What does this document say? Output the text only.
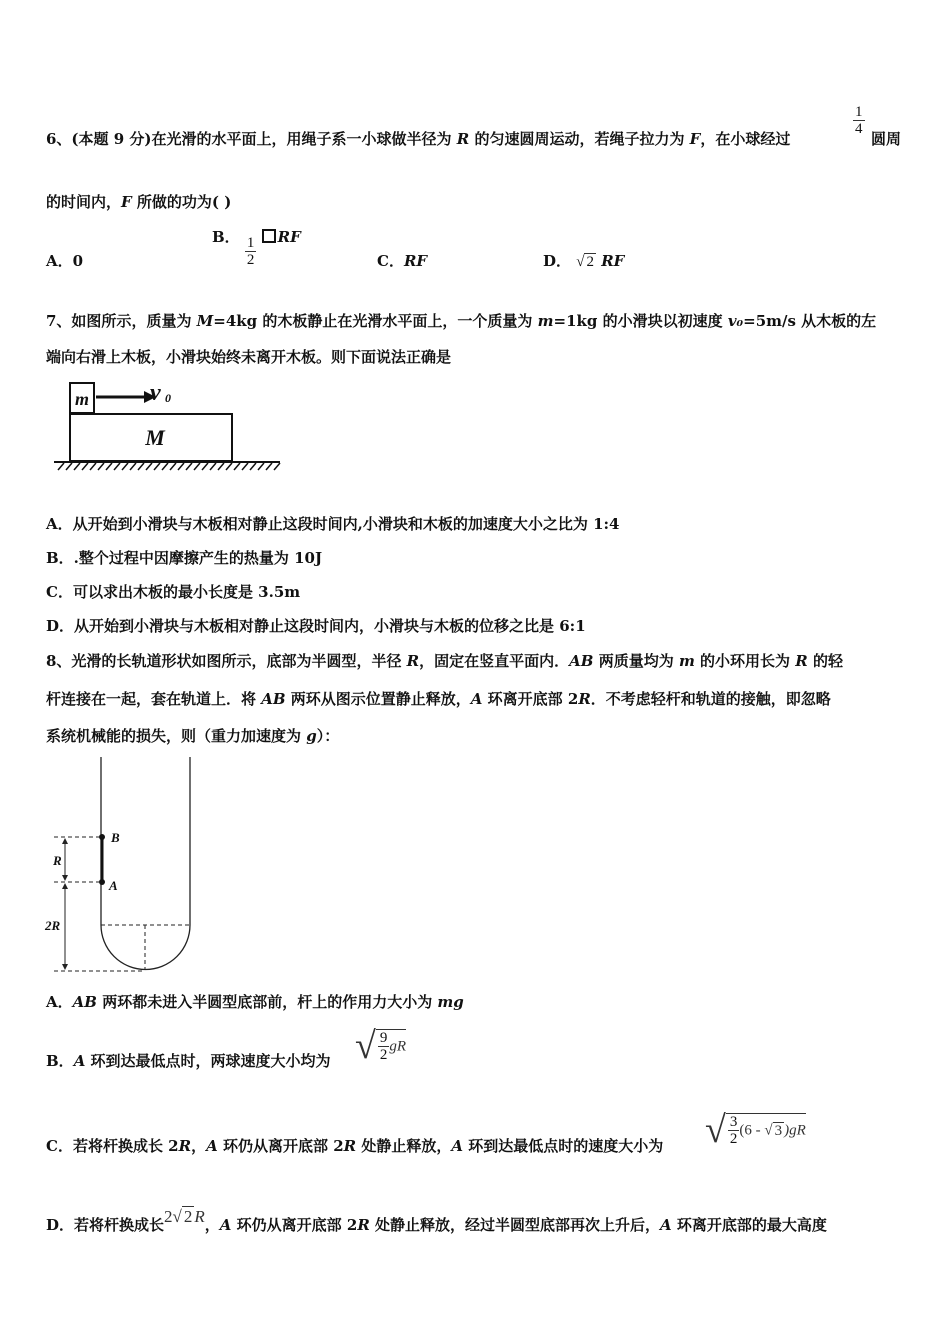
6、(本题 9 分)在光滑的水平面上，用绳子系一小球做半径为 R 的匀速圆周运动，若绳子拉力为 F，在小球经过
$\frac{1}{4}$
圆周
的时间内，F 所做的功为( )
A．0
B． $\frac{1}{2}$ RF
C．RF	D． √ 2 RF
7、如图所示，质量为 M=4kg 的木板静止在光滑水平面上，一个质量为 m=1kg 的小滑块以初速度 v₀=5m/s 从木板的左
端向右滑上木板，小滑块始终未离开木板。则下面说法正确是
m	v 0
M
A．从开始到小滑块与木板相对静止这段时间内,小滑块和木板的加速度大小之比为 1:4
B．.整个过程中因摩擦产生的热量为 10J
C．可以求出木板的最小长度是 3.5m
D．从开始到小滑块与木板相对静止这段时间内，小滑块与木板的位移之比是 6:1
8、光滑的长轨道形状如图所示，底部为半圆型，半径 R，固定在竖直平面内．AB 两质量均为 m 的小环用长为 R 的轻
杆连接在一起，套在轨道上．将 AB 两环从图示位置静止释放，A 环离开底部 2R．不考虑轻杆和轨道的接触，即忽略
系统机械能的损失，则（重力加速度为 g）：
B
A
R
2R
A．AB 两环都未进入半圆型底部前，杆上的作用力大小为 mg
B．A 环到达最低点时，两球速度大小均为 √ $\frac{9}{2}$ gR
C．若将杆换成长 2R，A 环仍从离开底部 2R 处静止释放，A 环到达最低点时的速度大小为 √ $\frac{3}{2} (6$ - √ 3 )gR
D．若将杆换成长2√ 2 R，A 环仍从离开底部 2R 处静止释放，经过半圆型底部再次上升后，A 环离开底部的最大高度
